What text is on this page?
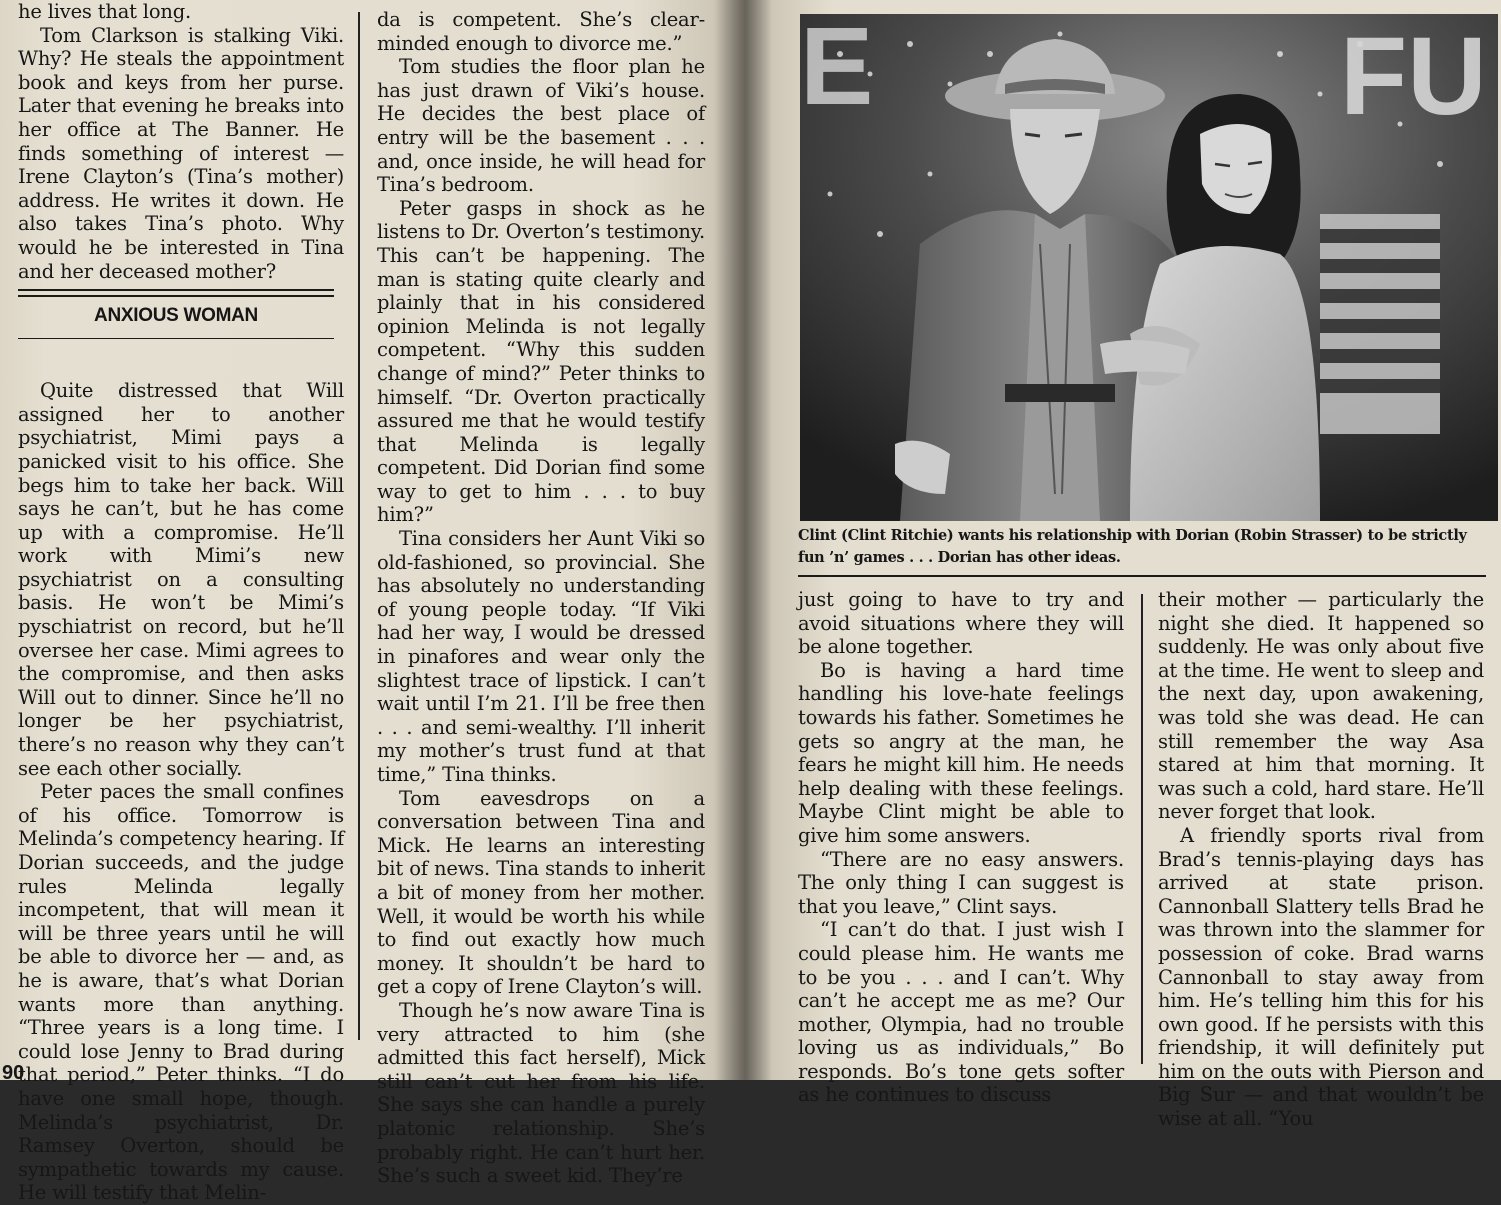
he lives that long.

Tom Clarkson is stalking Viki. Why? He steals the appointment book and keys from her purse. Later that evening he breaks into her office at The Banner. He finds something of interest — Irene Clayton’s (Tina’s mother) address. He writes it down. He also takes Tina’s photo. Why would he be interested in Tina and her deceased mother?

Quite distressed that Will assigned her to another psychiatrist, Mimi pays a panicked visit to his office. She begs him to take her back. Will says he can’t, but he has come up with a compromise. He’ll work with Mimi’s new psychiatrist on a consulting basis. He won’t be Mimi’s pyschiatrist on record, but he’ll oversee her case. Mimi agrees to the compromise, and then asks Will out to dinner. Since he’ll no longer be her psychiatrist, there’s no reason why they can’t see each other socially.

Peter paces the small confines of his office. Tomorrow is Melinda’s competency hearing. If Dorian succeeds, and the judge rules Melinda legally incompetent, that will mean it will be three years until he will be able to divorce her — and, as he is aware, that’s what Dorian wants more than anything. “Three years is a long time. I could lose Jenny to Brad during that period,” Peter thinks. “I do have one small hope, though. Melinda’s psychiatrist, Dr. Ramsey Overton, should be sympathetic towards my cause. He will testify that Melin-

ANXIOUS WOMAN

da is competent. She’s clear-minded enough to divorce me.”

Tom studies the floor plan he has just drawn of Viki’s house. He decides the best place of entry will be the basement . . . and, once inside, he will head for Tina’s bedroom.

Peter gasps in shock as he listens to Dr. Overton’s testimony. This can’t be happening. The man is stating quite clearly and plainly that in his considered opinion Melinda is not legally competent. “Why this sudden change of mind?” Peter thinks to himself. “Dr. Overton practically assured me that he would testify that Melinda is legally competent. Did Dorian find some way to get to him . . . to buy him?”

Tina considers her Aunt Viki so old-fashioned, so provincial. She has absolutely no understanding of young people today. “If Viki had her way, I would be dressed in pinafores and wear only the slightest trace of lipstick. I can’t wait until I’m 21. I’ll be free then . . . and semi-wealthy. I’ll inherit my mother’s trust fund at that time,” Tina thinks.

Tom eavesdrops on a conversation between Tina and Mick. He learns an interesting bit of news. Tina stands to inherit a bit of money from her mother. Well, it would be worth his while to find out exactly how much money. It shouldn’t be hard to get a copy of Irene Clayton’s will.

Though he’s now aware Tina is very attracted to him (she admitted this fact herself), Mick still can’t cut her from his life. She says she can handle a purely platonic relationship. She’s probably right. He can’t hurt her. She’s such a sweet kid. They’re

90
E	FU
Clint (Clint Ritchie) wants his relationship with Dorian (Robin Strasser) to be strictly fun ’n’ games . . . Dorian has other ideas.

just going to have to try and avoid situations where they will be alone together.

Bo is having a hard time handling his love-hate feelings towards his father. Sometimes he gets so angry at the man, he fears he might kill him. He needs help dealing with these feelings. Maybe Clint might be able to give him some answers.

“There are no easy answers. The only thing I can suggest is that you leave,” Clint says.

“I can’t do that. I just wish I could please him. He wants me to be you . . . and I can’t. Why can’t he accept me as me? Our mother, Olympia, had no trouble loving us as individuals,” Bo responds. Bo’s tone gets softer as he continues to discuss

their mother — particularly the night she died. It happened so suddenly. He was only about five at the time. He went to sleep and the next day, upon awakening, was told she was dead. He can still remember the way Asa stared at him that morning. It was such a cold, hard stare. He’ll never forget that look.

A friendly sports rival from Brad’s tennis-playing days has arrived at state prison. Cannonball Slattery tells Brad he was thrown into the slammer for possession of coke. Brad warns Cannonball to stay away from him. He’s telling him this for his own good. If he persists with this friendship, it will definitely put him on the outs with Pierson and Big Sur — and that wouldn’t be wise at all. “You
